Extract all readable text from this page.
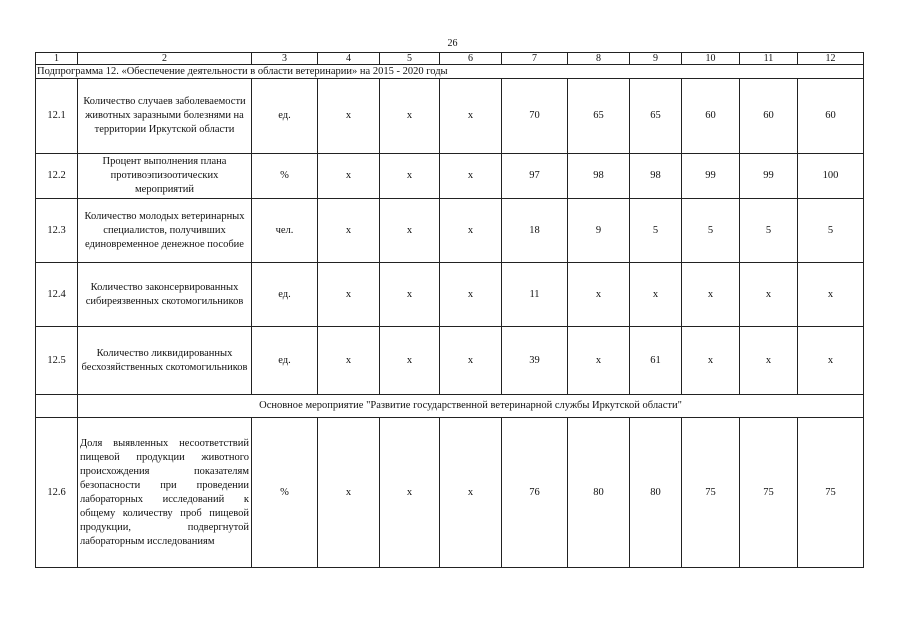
26
1	2	3	4	5	6	7	8	9	10	11	12
Подпрограмма 12. «Обеспечение деятельности в области ветеринарии» на 2015 - 2020 годы											
12.1	Количество случаев заболеваемости животных заразными болезнями на территории Иркутской области	ед.	x	x	x	70	65	65	60	60	60
12.2	Процент выполнения плана противоэпизоотических мероприятий	%	x	x	x	97	98	98	99	99	100
12.3	Количество молодых ветеринарных специалистов, получивших единовременное денежное пособие	чел.	x	x	x	18	9	5	5	5	5
12.4	Количество законсервированных сибиреязвенных скотомогильников	ед.	x	x	x	11	x	x	x	x	x
12.5	Количество ликвидированных бесхозяйственных скотомогильников	ед.	x	x	x	39	x	61	x	x	x
	Основное мероприятие "Развитие государственной ветеринарной службы Иркутской области"										
12.6	Доля выявленных несоответствий пищевой продукции животного происхождения показателям безопасности при проведении лабораторных исследований к общему количеству проб пищевой продукции, подвергнутой лабораторным исследованиям	%	x	x	x	76	80	80	75	75	75
